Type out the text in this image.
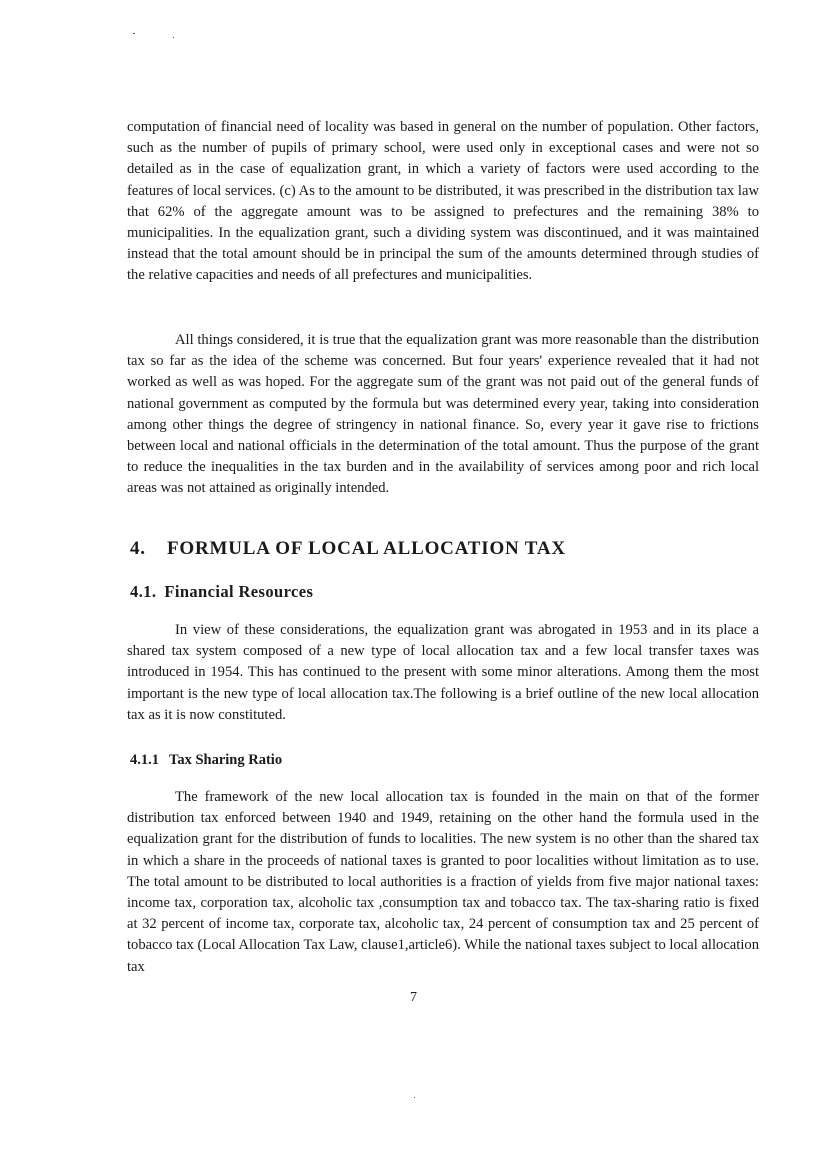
computation of financial need of locality was based in general on the number of population. Other factors, such as the number of pupils of primary school, were used only in exceptional cases and were not so detailed as in the case of equalization grant, in which a variety of factors were used according to the features of local services. (c) As to the amount to be distributed, it was prescribed in the distribution tax law that 62% of the aggregate amount was to be assigned to prefectures and the remaining 38% to municipalities. In the equalization grant, such a dividing system was discontinued, and it was maintained instead that the total amount should be in principal the sum of the amounts determined through studies of the relative capacities and needs of all prefectures and municipalities.

All things considered, it is true that the equalization grant was more reasonable than the distribution tax so far as the idea of the scheme was concerned. But four years' experience revealed that it had not worked as well as was hoped. For the aggregate sum of the grant was not paid out of the general funds of national government as computed by the formula but was determined every year, taking into consideration among other things the degree of stringency in national finance. So, every year it gave rise to frictions between local and national officials in the determination of the total amount. Thus the purpose of the grant to reduce the inequalities in the tax burden and in the availability of services among poor and rich local areas was not attained as originally intended.

4. FORMULA OF LOCAL ALLOCATION TAX
4.1. Financial Resources

In view of these considerations, the equalization grant was abrogated in 1953 and in its place a shared tax system composed of a new type of local allocation tax and a few local transfer taxes was introduced in 1954. This has continued to the present with some minor alterations. Among them the most important is the new type of local allocation tax.The following is a brief outline of the new local allocation tax as it is now constituted.

4.1.1 Tax Sharing Ratio

The framework of the new local allocation tax is founded in the main on that of the former distribution tax enforced between 1940 and 1949, retaining on the other hand the formula used in the equalization grant for the distribution of funds to localities. The new system is no other than the shared tax in which a share in the proceeds of national taxes is granted to poor localities without limitation as to use. The total amount to be distributed to local authorities is a fraction of yields from five major national taxes: income tax, corporation tax, alcoholic tax ,consumption tax and tobacco tax. The tax-sharing ratio is fixed at 32 percent of income tax, corporate tax, alcoholic tax, 24 percent of consumption tax and 25 percent of tobacco tax (Local Allocation Tax Law, clause1,article6). While the national taxes subject to local allocation tax

7
